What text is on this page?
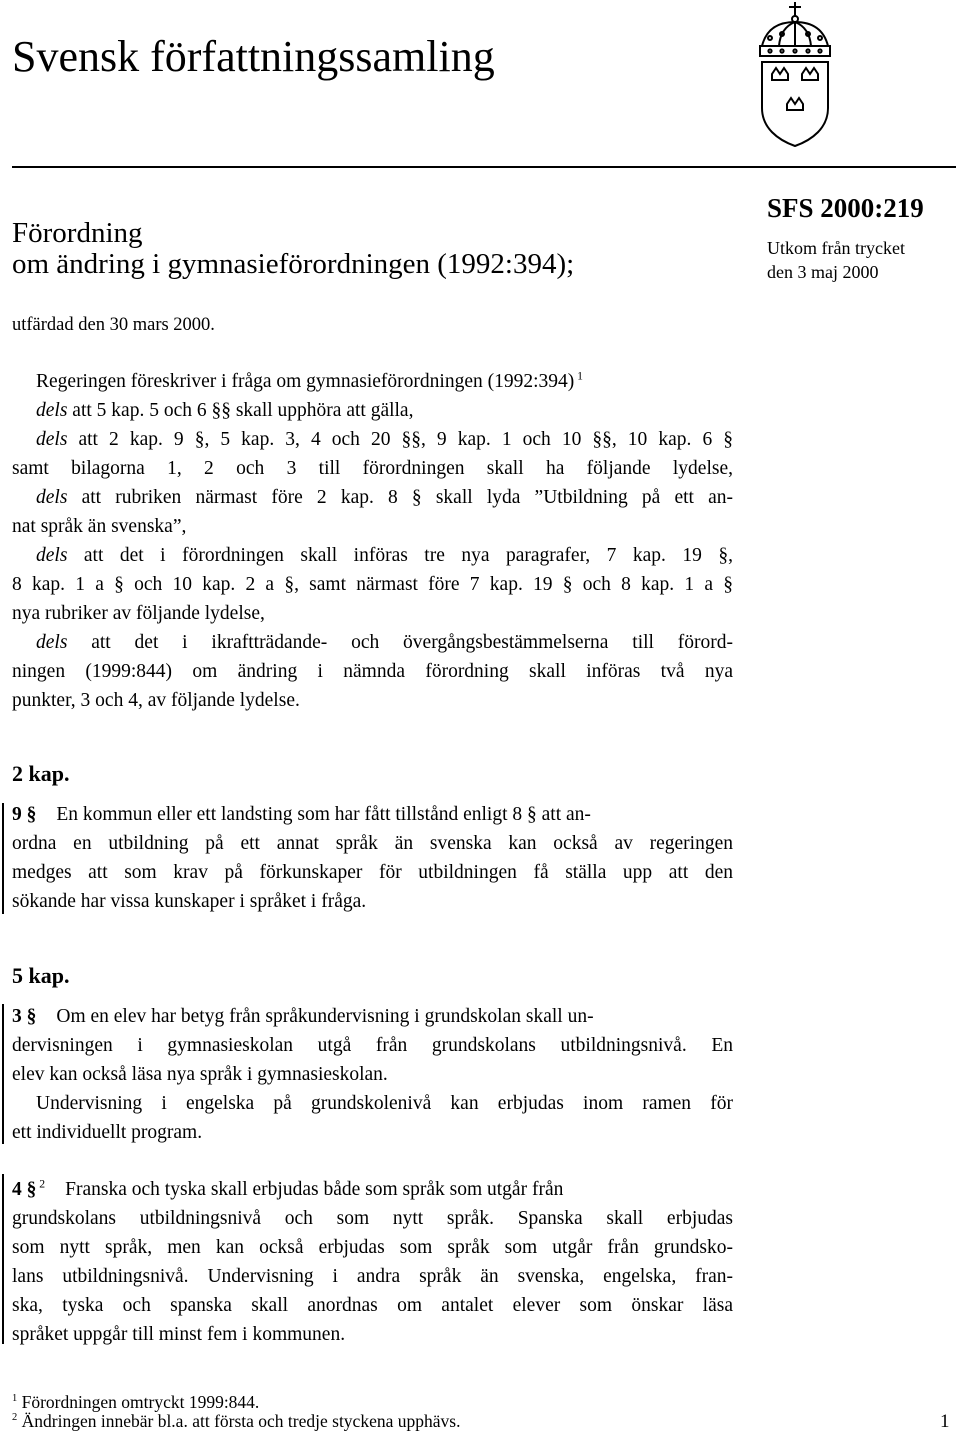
Svensk författningssamling
Förordning
om ändring i gymnasieförordningen (1992:394);
SFS 2000:219
Utkom från trycket
den 3 maj 2000
utfärdad den 30 mars 2000.
Regeringen föreskriver i fråga om gymnasieförordningen (1992:394) $^1$
dels att 5 kap. 5 och 6 §§ skall upphöra att gälla,
dels att 2 kap. 9 §, 5 kap. 3, 4 och 20 §§, 9 kap. 1 och 10 §§, 10 kap. 6 §
samt bilagorna 1, 2 och 3 till förordningen skall ha följande lydelse,
dels att rubriken närmast före 2 kap. 8 § skall lyda ”Utbildning på ett an-
nat språk än svenska”,
dels att det i förordningen skall införas tre nya paragrafer, 7 kap. 19 §,
8 kap. 1 a § och 10 kap. 2 a §, samt närmast före 7 kap. 19 § och 8 kap. 1 a §
nya rubriker av följande lydelse,
dels att det i ikraftträdande- och övergångsbestämmelserna till förord-
ningen (1999:844) om ändring i nämnda förordning skall införas två nya
punkter, 3 och 4, av följande lydelse.
2 kap.
9 § En kommun eller ett landsting som har fått tillstånd enligt 8 § att an-
ordna en utbildning på ett annat språk än svenska kan också av regeringen
medges att som krav på förkunskaper för utbildningen få ställa upp att den
sökande har vissa kunskaper i språket i fråga.
5 kap.
3 § Om en elev har betyg från språkundervisning i grundskolan skall un-
dervisningen i gymnasieskolan utgå från grundskolans utbildningsnivå. En
elev kan också läsa nya språk i gymnasieskolan.
Undervisning i engelska på grundskolenivå kan erbjudas inom ramen för
ett individuellt program.
4 § $^2$ Franska och tyska skall erbjudas både som språk som utgår från
grundskolans utbildningsnivå och som nytt språk. Spanska skall erbjudas
som nytt språk, men kan också erbjudas som språk som utgår från grundsko-
lans utbildningsnivå. Undervisning i andra språk än svenska, engelska, fran-
ska, tyska och spanska skall anordnas om antalet elever som önskar läsa
språket uppgår till minst fem i kommunen.
$^1$ Förordningen omtryckt 1999:844.
$^2$ Ändringen innebär bl.a. att första och tredje styckena upphävs.	1
